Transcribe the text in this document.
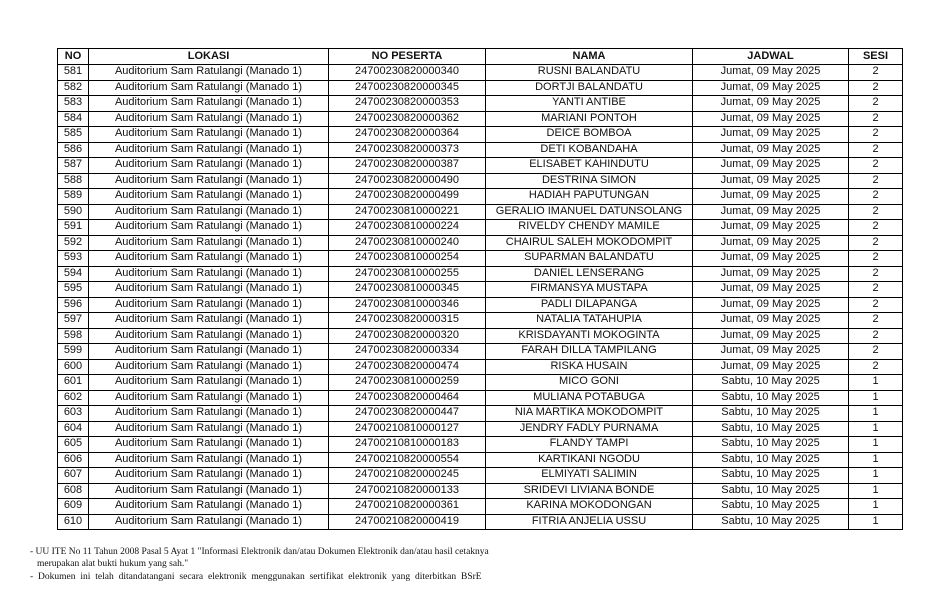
NO	LOKASI	NO PESERTA	NAMA	JADWAL	SESI
581	Auditorium Sam Ratulangi (Manado 1)	24700230820000340	RUSNI BALANDATU	Jumat, 09 May 2025	2
582	Auditorium Sam Ratulangi (Manado 1)	24700230820000345	DORTJI BALANDATU	Jumat, 09 May 2025	2
583	Auditorium Sam Ratulangi (Manado 1)	24700230820000353	YANTI ANTIBE	Jumat, 09 May 2025	2
584	Auditorium Sam Ratulangi (Manado 1)	24700230820000362	MARIANI PONTOH	Jumat, 09 May 2025	2
585	Auditorium Sam Ratulangi (Manado 1)	24700230820000364	DEICE BOMBOA	Jumat, 09 May 2025	2
586	Auditorium Sam Ratulangi (Manado 1)	24700230820000373	DETI KOBANDAHA	Jumat, 09 May 2025	2
587	Auditorium Sam Ratulangi (Manado 1)	24700230820000387	ELISABET KAHINDUTU	Jumat, 09 May 2025	2
588	Auditorium Sam Ratulangi (Manado 1)	24700230820000490	DESTRINA SIMON	Jumat, 09 May 2025	2
589	Auditorium Sam Ratulangi (Manado 1)	24700230820000499	HADIAH PAPUTUNGAN	Jumat, 09 May 2025	2
590	Auditorium Sam Ratulangi (Manado 1)	24700230810000221	GERALIO IMANUEL DATUNSOLANG	Jumat, 09 May 2025	2
591	Auditorium Sam Ratulangi (Manado 1)	24700230810000224	RIVELDY CHENDY MAMILE	Jumat, 09 May 2025	2
592	Auditorium Sam Ratulangi (Manado 1)	24700230810000240	CHAIRUL SALEH MOKODOMPIT	Jumat, 09 May 2025	2
593	Auditorium Sam Ratulangi (Manado 1)	24700230810000254	SUPARMAN BALANDATU	Jumat, 09 May 2025	2
594	Auditorium Sam Ratulangi (Manado 1)	24700230810000255	DANIEL LENSERANG	Jumat, 09 May 2025	2
595	Auditorium Sam Ratulangi (Manado 1)	24700230810000345	FIRMANSYA MUSTAPA	Jumat, 09 May 2025	2
596	Auditorium Sam Ratulangi (Manado 1)	24700230810000346	PADLI DILAPANGA	Jumat, 09 May 2025	2
597	Auditorium Sam Ratulangi (Manado 1)	24700230820000315	NATALIA TATAHUPIA	Jumat, 09 May 2025	2
598	Auditorium Sam Ratulangi (Manado 1)	24700230820000320	KRISDAYANTI MOKOGINTA	Jumat, 09 May 2025	2
599	Auditorium Sam Ratulangi (Manado 1)	24700230820000334	FARAH DILLA TAMPILANG	Jumat, 09 May 2025	2
600	Auditorium Sam Ratulangi (Manado 1)	24700230820000474	RISKA HUSAIN	Jumat, 09 May 2025	2
601	Auditorium Sam Ratulangi (Manado 1)	24700230810000259	MICO GONI	Sabtu, 10 May 2025	1
602	Auditorium Sam Ratulangi (Manado 1)	24700230820000464	MULIANA POTABUGA	Sabtu, 10 May 2025	1
603	Auditorium Sam Ratulangi (Manado 1)	24700230820000447	NIA MARTIKA MOKODOMPIT	Sabtu, 10 May 2025	1
604	Auditorium Sam Ratulangi (Manado 1)	24700210810000127	JENDRY FADLY PURNAMA	Sabtu, 10 May 2025	1
605	Auditorium Sam Ratulangi (Manado 1)	24700210810000183	FLANDY TAMPI	Sabtu, 10 May 2025	1
606	Auditorium Sam Ratulangi (Manado 1)	24700210820000554	KARTIKANI NGODU	Sabtu, 10 May 2025	1
607	Auditorium Sam Ratulangi (Manado 1)	24700210820000245	ELMIYATI SALIMIN	Sabtu, 10 May 2025	1
608	Auditorium Sam Ratulangi (Manado 1)	24700210820000133	SRIDEVI LIVIANA BONDE	Sabtu, 10 May 2025	1
609	Auditorium Sam Ratulangi (Manado 1)	24700210820000361	KARINA MOKODONGAN	Sabtu, 10 May 2025	1
610	Auditorium Sam Ratulangi (Manado 1)	24700210820000419	FITRIA ANJELIA USSU	Sabtu, 10 May 2025	1
- UU ITE No 11 Tahun 2008 Pasal 5 Ayat 1 "Informasi Elektronik dan/atau Dokumen Elektronik dan/atau hasil cetaknya
merupakan alat bukti hukum yang sah."
- Dokumen ini telah ditandatangani secara elektronik menggunakan sertifikat elektronik yang diterbitkan BSrE
